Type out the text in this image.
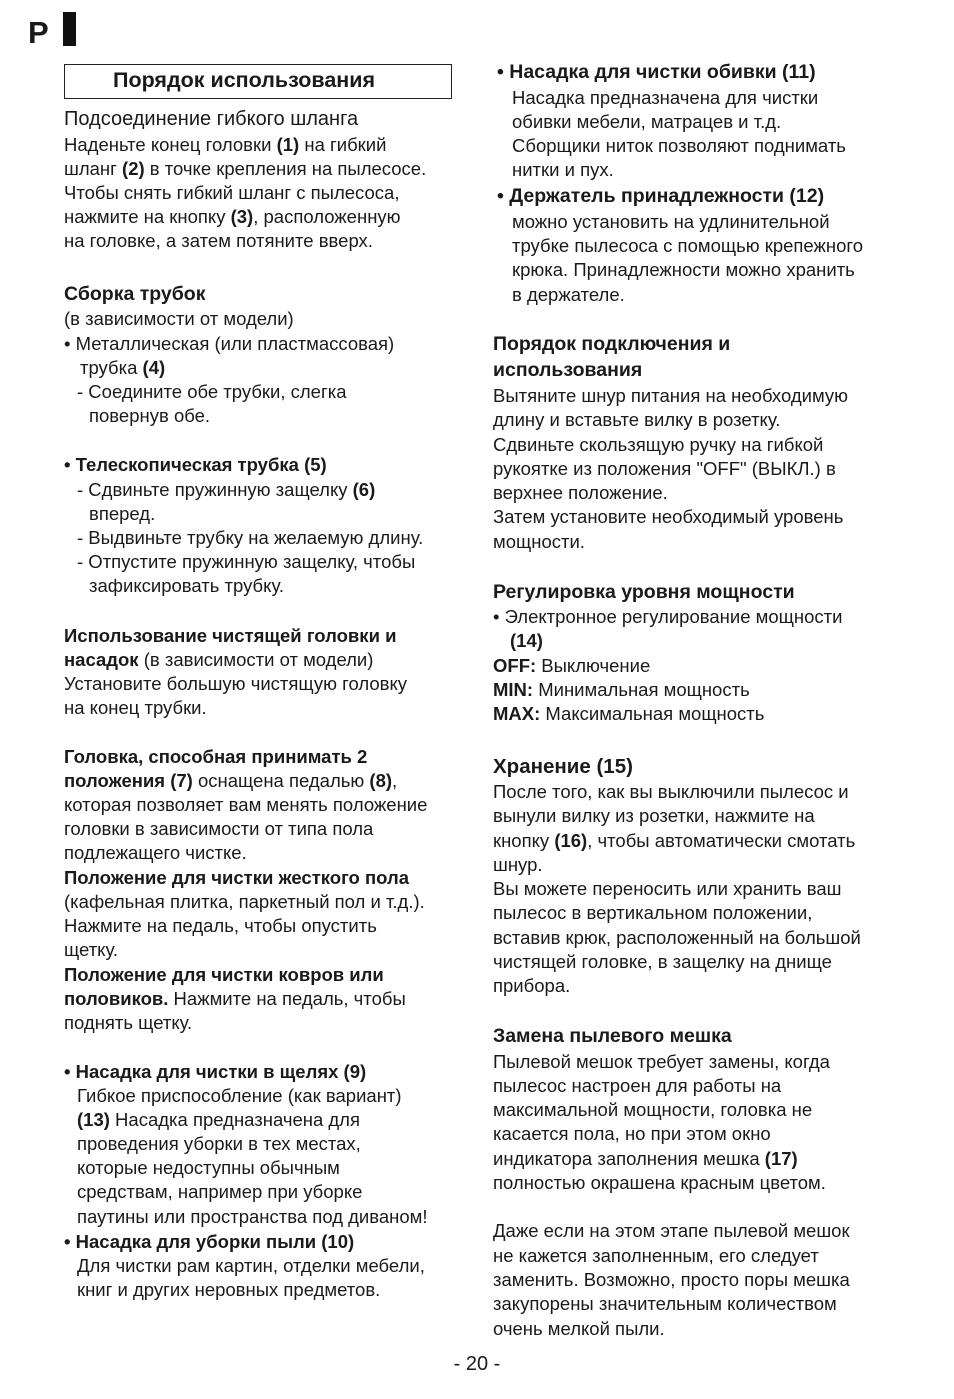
P
Порядок использования
Подсоединение гибкого шланга
Наденьте конец головки (1) на гибкий
шланг (2) в точке крепления на пылесосе.
Чтобы снять гибкий шланг с пылесоса,
нажмите на кнопку (3), расположенную
на головке, а затем потяните вверх.
Сборка трубок
(в зависимости от модели)
• Металлическая (или пластмассовая)
трубка (4)
- Соедините обе трубки, слегка
повернув обе.
• Телескопическая трубка (5)
- Сдвиньте пружинную защелку (6)
вперед.
- Выдвиньте трубку на желаемую длину.
- Отпустите пружинную защелку, чтобы
зафиксировать трубку.
Использование чистящей головки и
насадок (в зависимости от модели)
Установите большую чистящую головку
на конец трубки.
Головка, способная принимать 2
положения (7) оснащена педалью (8),
которая позволяет вам менять положение
головки в зависимости от типа пола
подлежащего чистке.
Положение для чистки жесткого пола
(кафельная плитка, паркетный пол и т.д.).
Нажмите на педаль, чтобы опустить
щетку.
Положение для чистки ковров или
половиков. Нажмите на педаль, чтобы
поднять щетку.
• Насадка для чистки в щелях (9)
Гибкое приспособление (как вариант)
(13) Насадка предназначена для
проведения уборки в тех местах,
которые недоступны обычным
средствам, например при уборке
паутины или пространства под диваном!
• Насадка для уборки пыли (10)
Для чистки рам картин, отделки мебели,
книг и других неровных предметов.
• Насадка для чистки обивки (11)
Насадка предназначена для чистки
обивки мебели, матрацев и т.д.
Сборщики ниток позволяют поднимать
нитки и пух.
• Держатель принадлежности (12)
можно установить на удлинительной
трубке пылесоса с помощью крепежного
крюка. Принадлежности можно хранить
в держателе.
Порядок подключения и
использования
Вытяните шнур питания на необходимую
длину и вставьте вилку в розетку.
Сдвиньте скользящую ручку на гибкой
рукоятке из положения "OFF" (ВЫКЛ.) в
верхнее положение.
Затем установите необходимый уровень
мощности.
Регулировка уровня мощности
• Электронное регулирование мощности
(14)
OFF: Выключение
MIN: Минимальная мощность
MAX: Максимальная мощность
Хранение (15)
После того, как вы выключили пылесос и
вынули вилку из розетки, нажмите на
кнопку (16), чтобы автоматически смотать
шнур.
Вы можете переносить или хранить ваш
пылесос в вертикальном положении,
вставив крюк, расположенный на большой
чистящей головке, в защелку на днище
прибора.
Замена пылевого мешка
Пылевой мешок требует замены, когда
пылесос настроен для работы на
максимальной мощности, головка не
касается пола, но при этом окно
индикатора заполнения мешка (17)
полностью окрашена красным цветом.
Даже если на этом этапе пылевой мешок
не кажется заполненным, его следует
заменить. Возможно, просто поры мешка
закупорены значительным количеством
очень мелкой пыли.
- 20 -
